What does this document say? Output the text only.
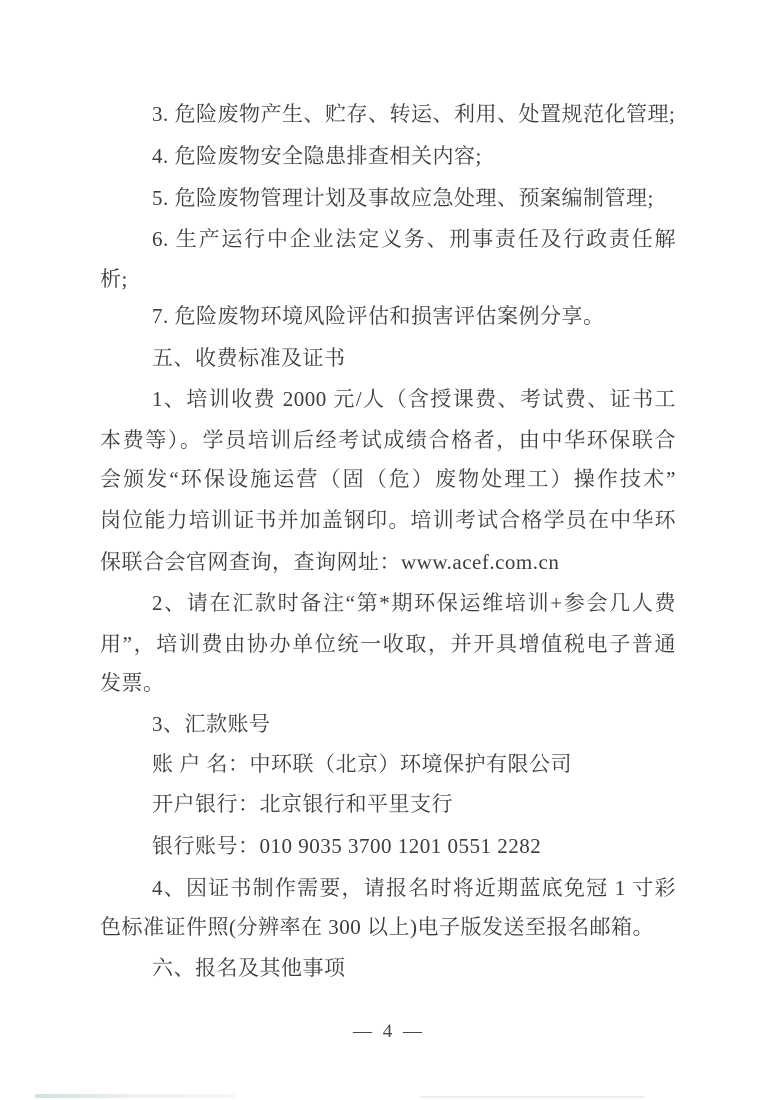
3. 危险废物产生、贮存、转运、利用、处置规范化管理;
4. 危险废物安全隐患排查相关内容;
5. 危险废物管理计划及事故应急处理、预案编制管理;
6. 生产运行中企业法定义务、刑事责任及行政责任解
析;
7. 危险废物环境风险评估和损害评估案例分享。
五、收费标准及证书
1、培训收费 2000 元/人（含授课费、考试费、证书工
本费等）。学员培训后经考试成绩合格者，由中华环保联合
会颁发“环保设施运营（固（危）废物处理工）操作技术”
岗位能力培训证书并加盖钢印。培训考试合格学员在中华环
保联合会官网查询，查询网址：www.acef.com.cn
2、请在汇款时备注“第*期环保运维培训+参会几人费
用”，培训费由协办单位统一收取，并开具增值税电子普通
发票。
3、汇款账号
账 户 名：中环联（北京）环境保护有限公司
开户银行：北京银行和平里支行
银行账号：010 9035 3700 1201 0551 2282
4、因证书制作需要，请报名时将近期蓝底免冠 1 寸彩
色标准证件照(分辨率在 300 以上)电子版发送至报名邮箱。
六、报名及其他事项
— 4 —
